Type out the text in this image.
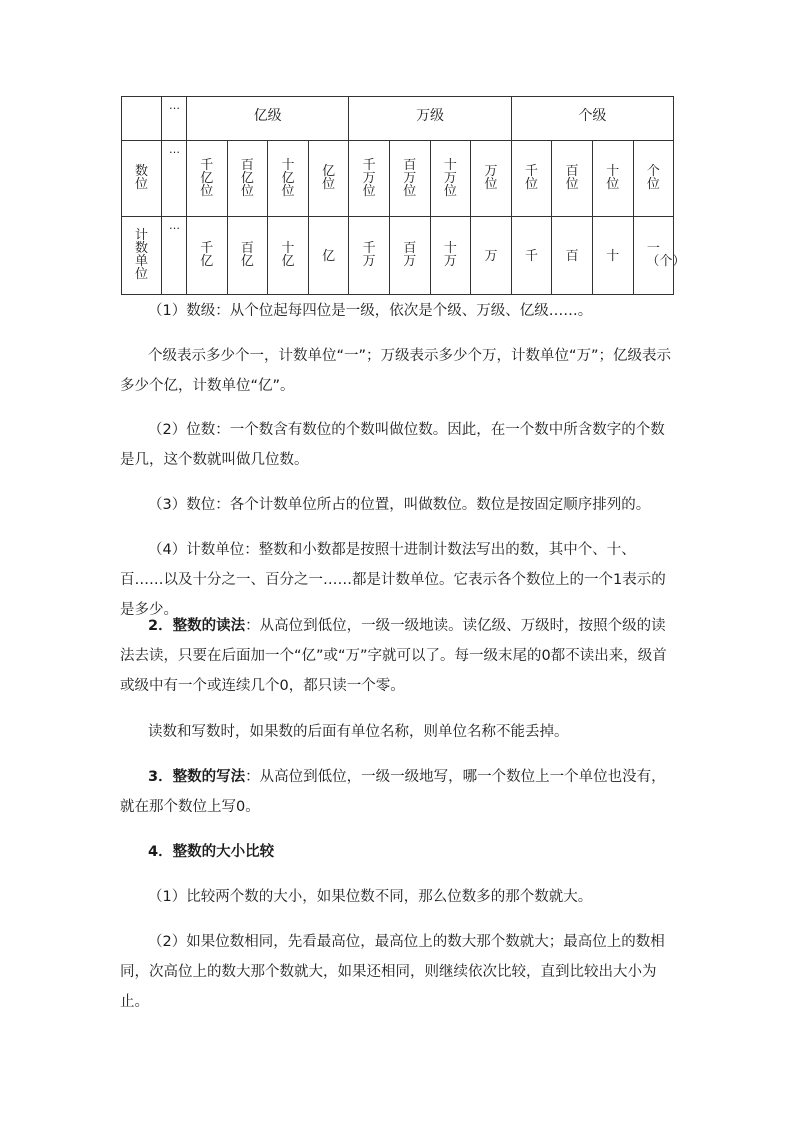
	…	亿级				万级				个级			
数位	…	千亿位	百亿位	十亿位	亿位	千万位	百万位	十万位	万位	千位	百位	十位	个位
计数单位	…	千亿	百亿	十亿	亿	千万	百万	十万	万	千	百	十	一（个）

（1）数级：从个位起每四位是一级，依次是个级、万级、亿级……。

个级表示多少个一，计数单位“一”；万级表示多少个万，计数单位“万”；亿级表示多少个亿，计数单位“亿”。

（2）位数：一个数含有数位的个数叫做位数。因此，在一个数中所含数字的个数是几，这个数就叫做几位数。

（3）数位：各个计数单位所占的位置，叫做数位。数位是按固定顺序排列的。

（4）计数单位：整数和小数都是按照十进制计数法写出的数，其中个、十、百……以及十分之一、百分之一……都是计数单位。它表示各个数位上的一个1表示的是多少。

2．整数的读法：从高位到低位，一级一级地读。读亿级、万级时，按照个级的读法去读，只要在后面加一个“亿”或“万”字就可以了。每一级末尾的0都不读出来，级首或级中有一个或连续几个0，都只读一个零。

读数和写数时，如果数的后面有单位名称，则单位名称不能丢掉。

3．整数的写法：从高位到低位，一级一级地写，哪一个数位上一个单位也没有，就在那个数位上写0。

4．整数的大小比较

（1）比较两个数的大小，如果位数不同，那么位数多的那个数就大。

（2）如果位数相同，先看最高位，最高位上的数大那个数就大；最高位上的数相同，次高位上的数大那个数就大，如果还相同，则继续依次比较，直到比较出大小为止。
